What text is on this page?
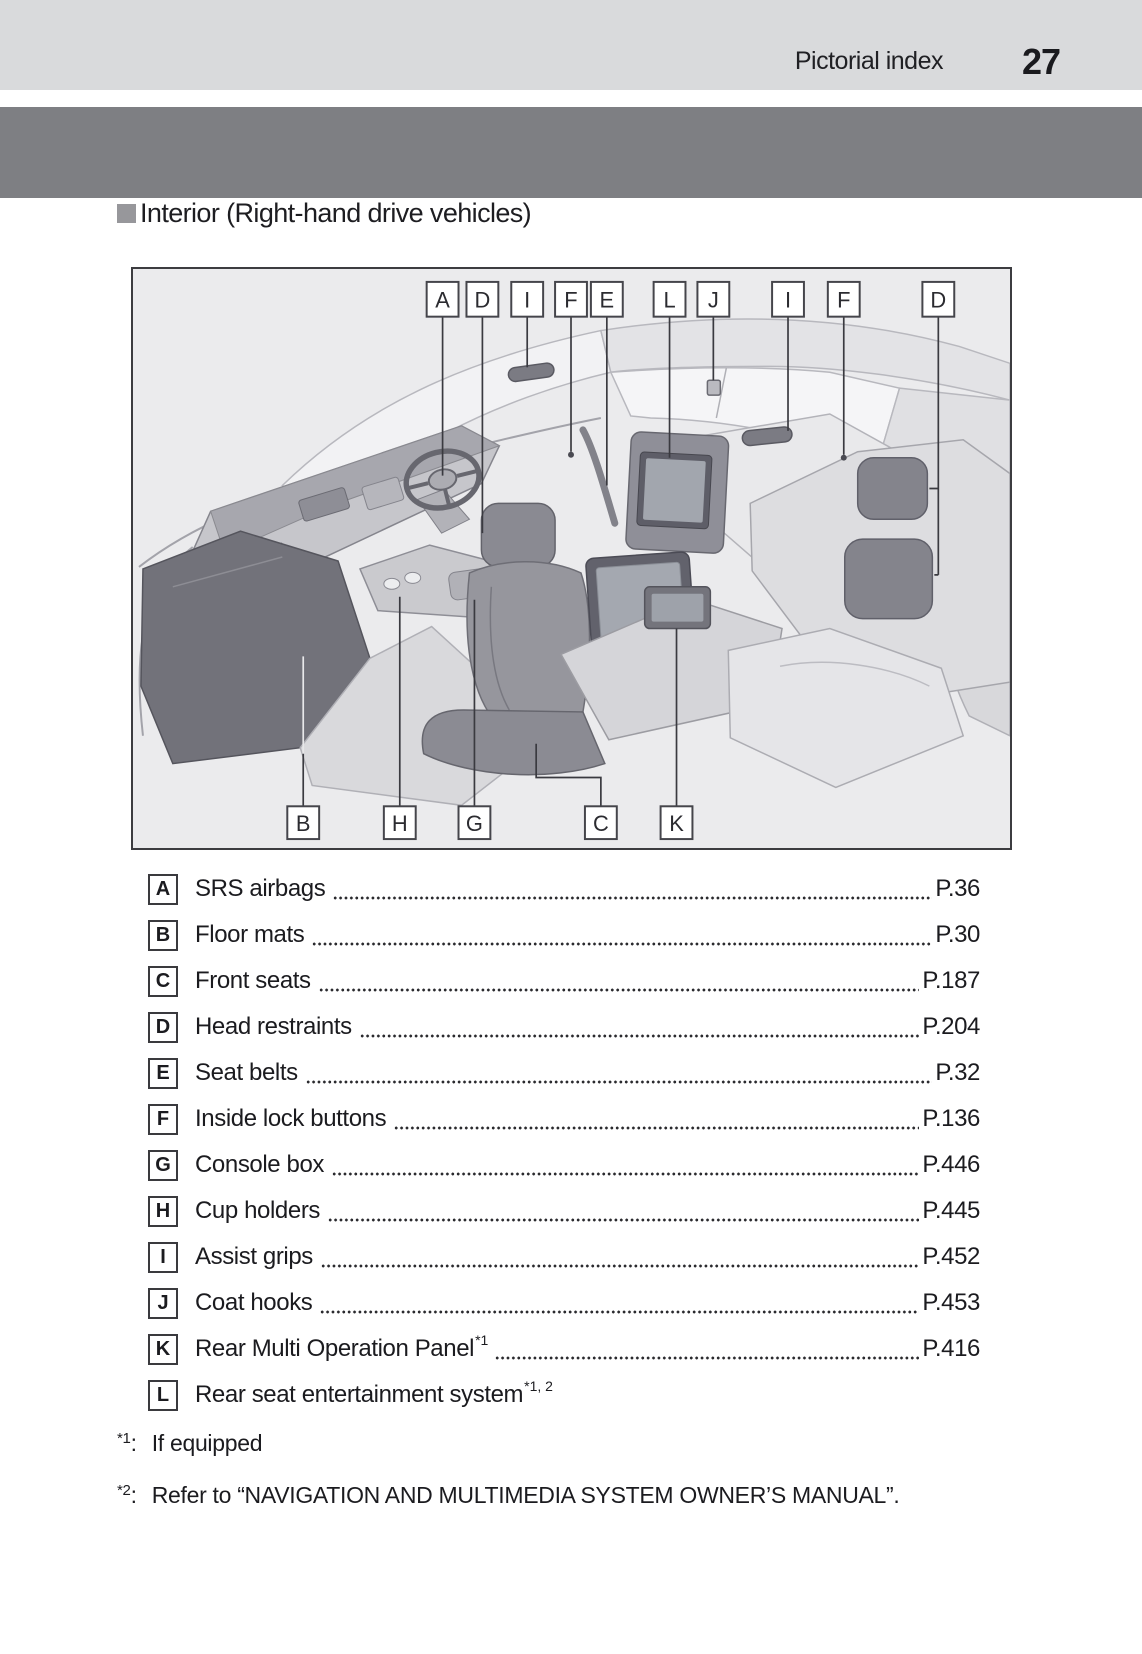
Pictorial index 27
Interior (Right-hand drive vehicles)
A D I F E L J	I F	D
B	H	G	C	K
A	SRS airbags	P.36
B	Floor mats	P.30
C	Front seats	P.187
D	Head restraints	P.204
E	Seat belts	P.32
F	Inside lock buttons	P.136
G	Console box	P.446
H	Cup holders	P.445
I	Assist grips	P.452
J	Coat hooks	P.453
K	Rear Multi Operation Panel *1	P.416
L	Rear seat entertainment system *1, 2
$^{*1}$: If equipped
$^{*2}$: Refer to “NAVIGATION AND MULTIMEDIA SYSTEM OWNER’S MANUAL”.
